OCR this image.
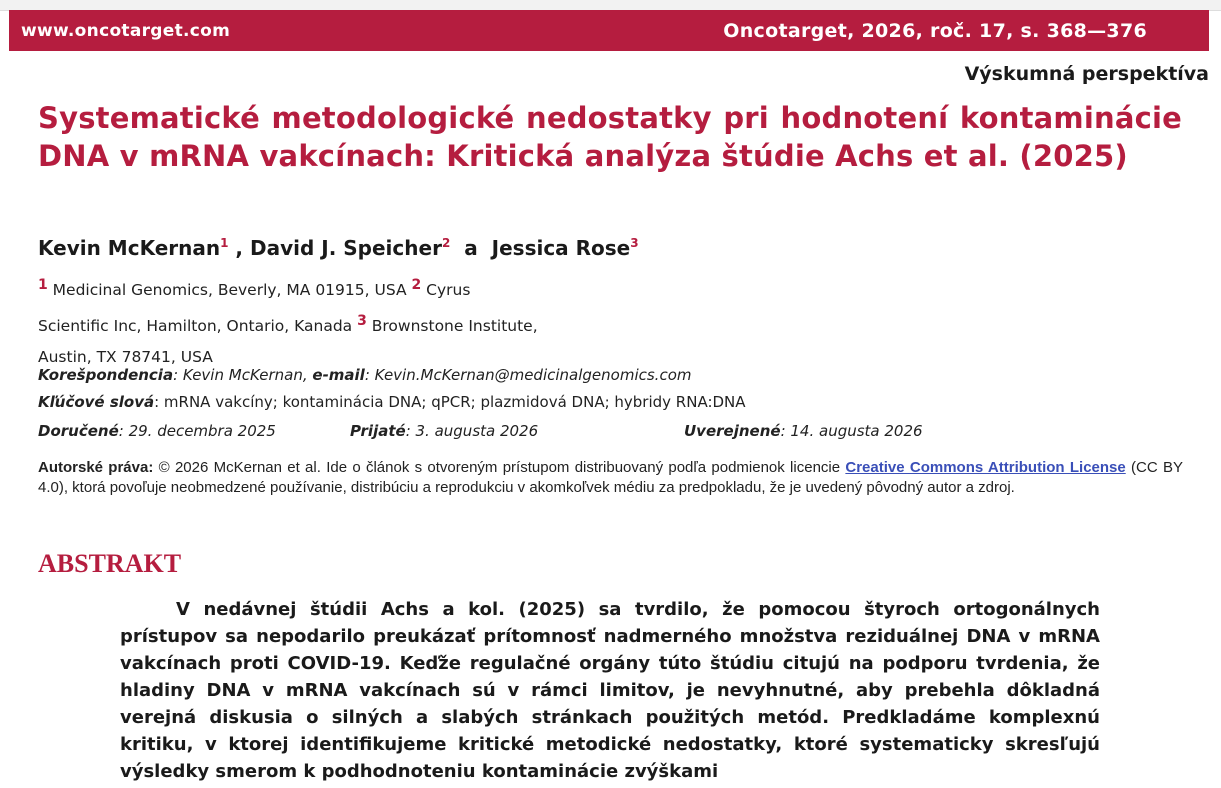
www.oncotarget.com	Oncotarget, 2026, roč. 17, s. 368—376
Výskumná perspektíva
Systematické metodologické nedostatky pri hodnotení kontaminácie DNA v mRNA vakcínach: Kritická analýza štúdie Achs et al. (2025)
Kevin McKernan$^1$ , David J. Speicher$^2$  a  Jessica Rose$^3$
$^1$ Medicinal Genomics, Beverly, MA 01915, USA $^2$ Cyrus Scientific Inc, Hamilton, Ontario, Kanada $^3$ Brownstone Institute, Austin, TX 78741, USA
Korešpondencia: Kevin McKernan, e-mail: Kevin.McKernan@medicinalgenomics.com
Kľúčové slová: mRNA vakcíny; kontaminácia DNA; qPCR; plazmidová DNA; hybridy RNA:DNA
Doručené: 29. decembra 2025	Prijaté: 3. augusta 2026	Uverejnené: 14. augusta 2026
Autorské práva: © 2026 McKernan et al. Ide o článok s otvoreným prístupom distribuovaný podľa podmienok licencie Creative Commons Attribution License (CC BY 4.0), ktorá povoľuje neobmedzené používanie, distribúciu a reprodukciu v akomkoľvek médiu za predpokladu, že je uvedený pôvodný autor a zdroj.
ABSTRAKT

V nedávnej štúdii Achs a kol. (2025) sa tvrdilo, že pomocou štyroch ortogonálnych prístupov sa nepodarilo preukázať prítomnosť nadmerného množstva reziduálnej DNA v mRNA vakcínach proti COVID-19. Keďže regulačné orgány túto štúdiu citujú na podporu tvrdenia, že hladiny DNA v mRNA vakcínach sú v rámci limitov, je nevyhnutné, aby prebehla dôkladná verejná diskusia o silných a slabých stránkach použitých metód. Predkladáme komplexnú kritiku, v ktorej identifikujeme kritické metodické nedostatky, ktoré systematicky skresľujú výsledky smerom k podhodnoteniu kontaminácie zvýškami
